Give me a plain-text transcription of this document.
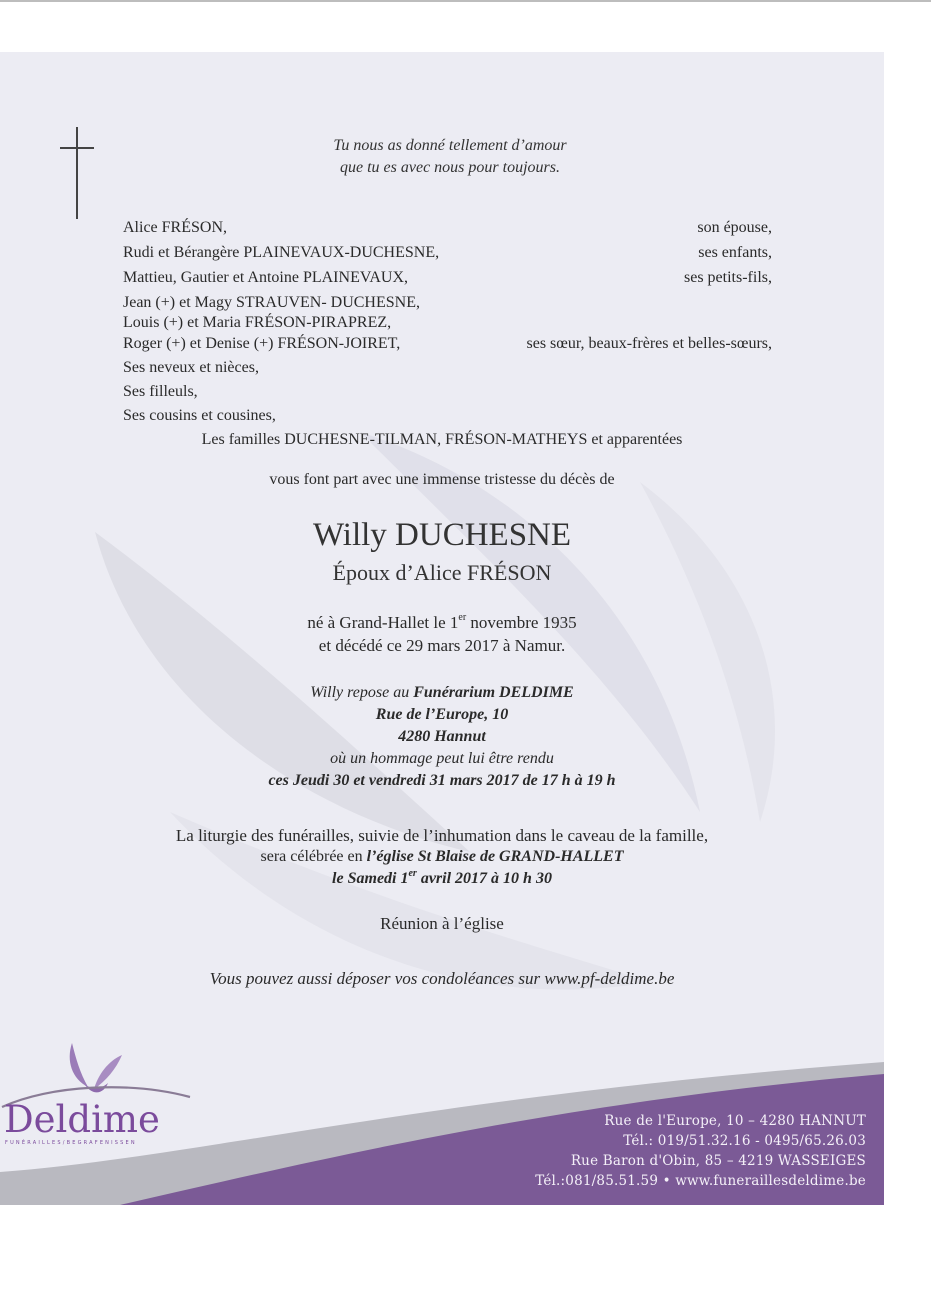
Tu nous as donné tellement d’amour
que tu es avec nous pour toujours.
Alice FRÉSON,	son épouse,
Rudi et Bérangère PLAINEVAUX-DUCHESNE,	ses enfants,
Mattieu, Gautier et Antoine PLAINEVAUX,	ses petits-fils,
Jean (+) et Magy STRAUVEN- DUCHESNE,
Louis (+) et Maria FRÉSON-PIRAPREZ,
Roger (+) et Denise (+) FRÉSON-JOIRET,	ses sœur, beaux-frères et belles-sœurs,
Ses neveux et nièces,
Ses filleuls,
Ses cousins et cousines,
Les familles DUCHESNE-TILMAN, FRÉSON-MATHEYS et apparentées
vous font part avec une immense tristesse du décès de
Willy DUCHESNE
Époux d’Alice FRÉSON
né à Grand-Hallet le 1er novembre 1935
et décédé ce 29 mars 2017 à Namur.
Willy repose au Funérarium DELDIME
Rue de l’Europe, 10
4280 Hannut
où un hommage peut lui être rendu
ces Jeudi 30 et vendredi 31 mars 2017 de 17 h à 19 h
La liturgie des funérailles, suivie de l’inhumation dans le caveau de la famille,
sera célébrée en l’église St Blaise de GRAND-HALLET
le Samedi 1er avril 2017 à 10 h 30
Réunion à l’église
Vous pouvez aussi déposer vos condoléances sur www.pf-deldime.be
Rue de l'Europe, 10 – 4280 HANNUT
Tél.: 019/51.32.16 - 0495/65.26.03
Rue Baron d'Obin, 85 – 4219 WASSEIGES
Tél.:081/85.51.59 • www.funeraillesdeldime.be
Deldime
FUNÉRAILLES/BEGRAFENISSEN
